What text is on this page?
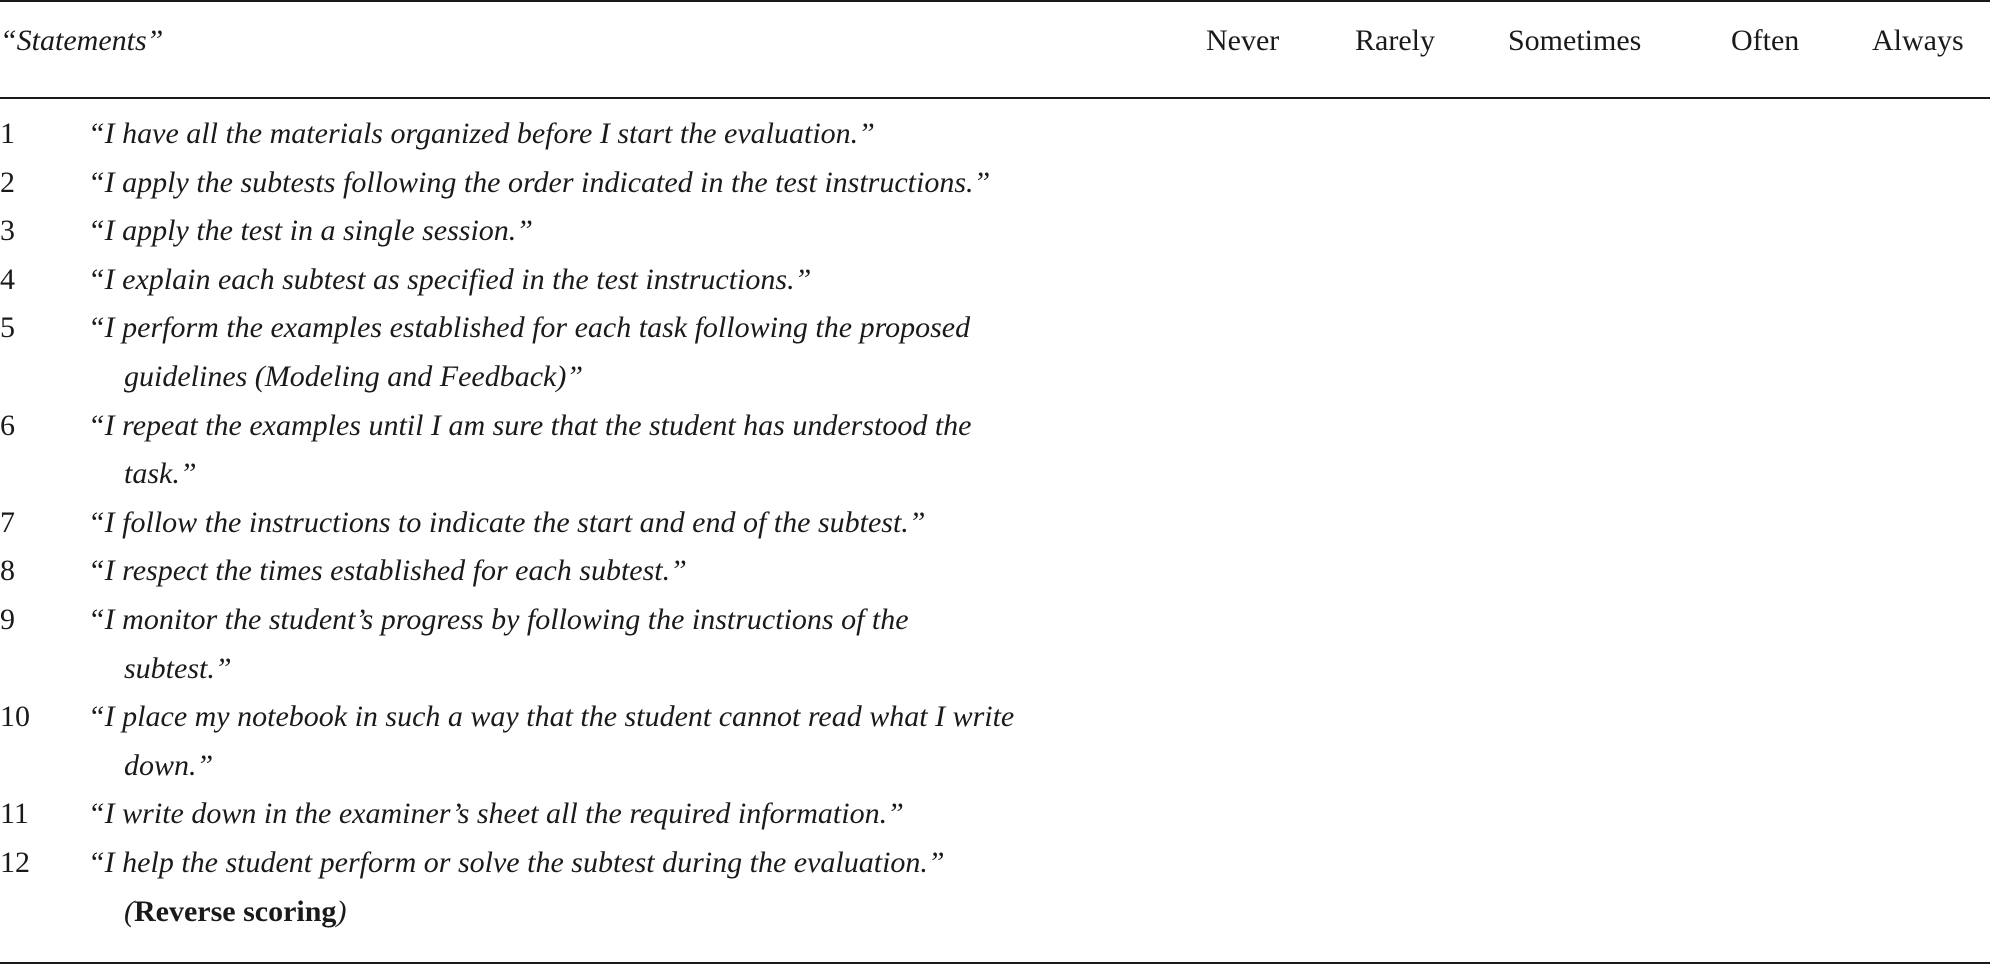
“Statements”	Never	Rarely Sometimes	Often Always
1 “I have all the materials organized before I start the evaluation.”
2 “I apply the subtests following the order indicated in the test instructions.”
3 “I apply the test in a single session.”
4 “I explain each subtest as specified in the test instructions.”
5 “I perform the examples established for each task following the proposed
guidelines (Modeling and Feedback)”
6 “I repeat the examples until I am sure that the student has understood the
task.”
7 “I follow the instructions to indicate the start and end of the subtest.”
8 “I respect the times established for each subtest.”
9 “I monitor the student’s progress by following the instructions of the
subtest.”
10 “I place my notebook in such a way that the student cannot read what I write
down.”
11 “I write down in the examiner’s sheet all the required information.”
12 “I help the student perform or solve the subtest during the evaluation.”
(Reverse scoring)
